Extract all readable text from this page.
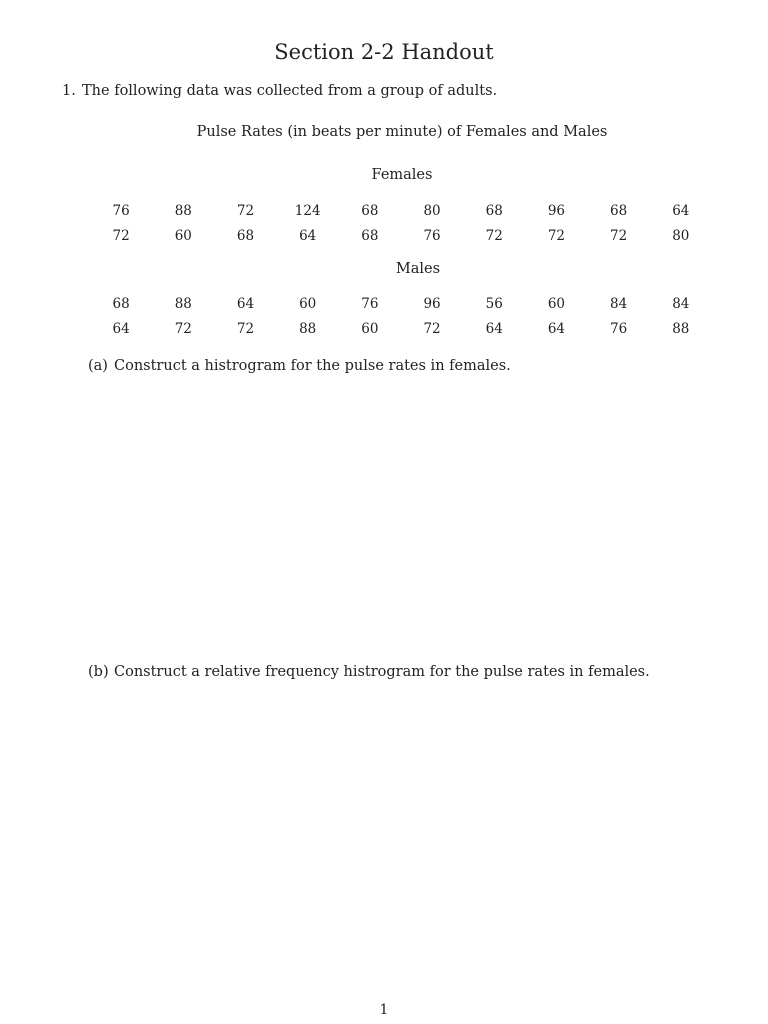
Section 2-2 Handout
1. The following data was collected from a group of adults.
Pulse Rates (in beats per minute) of Females and Males
Females
76	88	72	124	68	80	68	96	68	64
72	60	68	64	68	76	72	72	72	80
Males
68	88	64	60	76	96	56	60	84	84
64	72	72	88	60	72	64	64	76	88
(a) Construct a histrogram for the pulse rates in females.
(b) Construct a relative frequency histrogram for the pulse rates in females.
1
